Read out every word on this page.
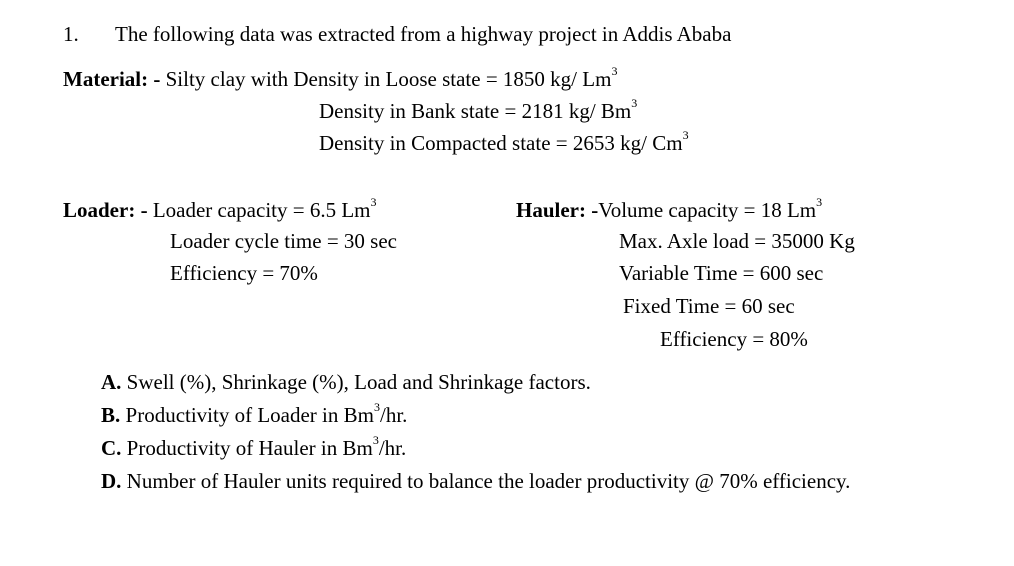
1. The following data was extracted from a highway project in Addis Ababa
Material: - Silty clay with Density in Loose state = 1850 kg/ Lm$^3$
Density in Bank state = 2181 kg/ Bm$^3$
Density in Compacted state = 2653 kg/ Cm$^3$
Loader: - Loader capacity = 6.5 Lm$^3$
Loader cycle time = 30 sec
Efficiency = 70%
Hauler: -Volume capacity = 18 Lm$^3$
Max. Axle load = 35000 Kg
Variable Time = 600 sec
Fixed Time = 60 sec
Efficiency = 80%
A. Swell (%), Shrinkage (%), Load and Shrinkage factors.
B. Productivity of Loader in Bm$^3$/hr.
C. Productivity of Hauler in Bm$^3$/hr.
D. Number of Hauler units required to balance the loader productivity @ 70% efficiency.
